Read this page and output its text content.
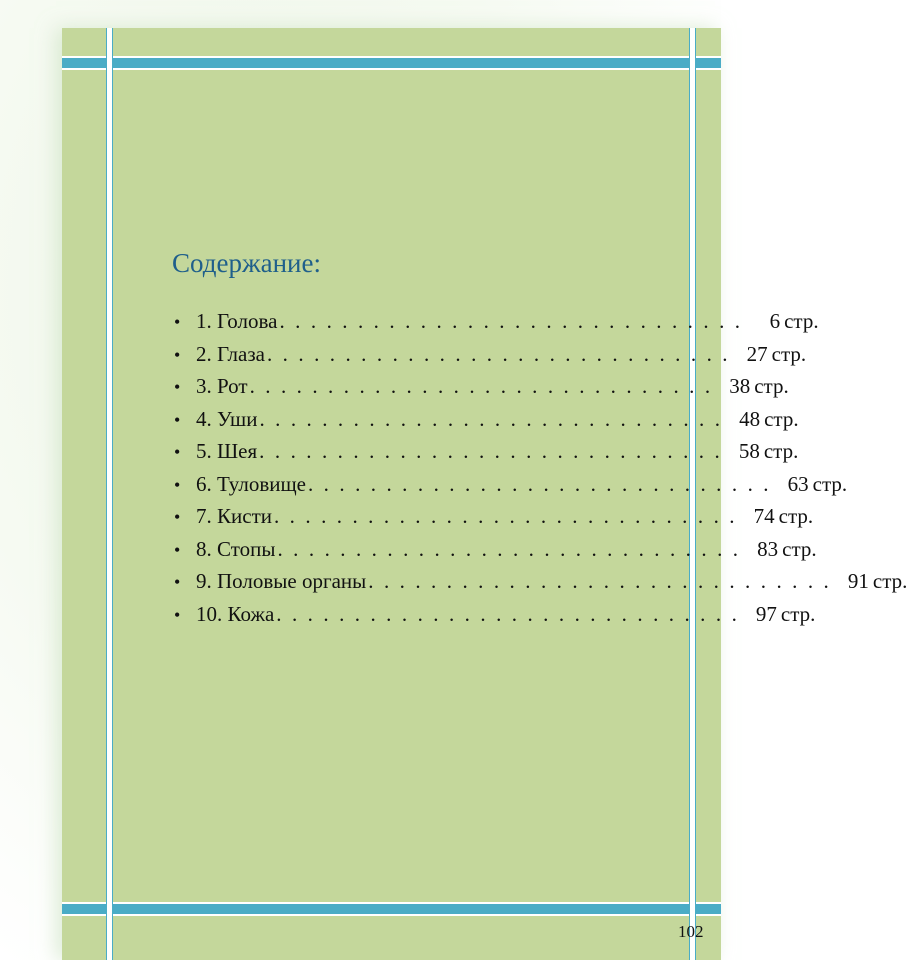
Содержание:
• 1. Голова . . . . . . . . . . . . . . . . . . . . . . . . . . . . . .	6 стр.
• 2. Глаза . . . . . . . . . . . . . . . . . . . . . . . . . . . . . . 27 стр.
• 3. Рот . . . . . . . . . . . . . . . . . . . . . . . . . . . . . . 38 стр.
• 4. Уши . . . . . . . . . . . . . . . . . . . . . . . . . . . . . . 48 стр.
• 5. Шея . . . . . . . . . . . . . . . . . . . . . . . . . . . . . . 58 стр.
• 6. Туловище . . . . . . . . . . . . . . . . . . . . . . . . . . . . . . 63 стр.
• 7. Кисти . . . . . . . . . . . . . . . . . . . . . . . . . . . . . . 74 стр.
• 8. Стопы . . . . . . . . . . . . . . . . . . . . . . . . . . . . . . 83 стр.
• 9. Половые органы . . . . . . . . . . . . . . . . . . . . . . . . . . . . . . 91 стр.
• 10. Кожа . . . . . . . . . . . . . . . . . . . . . . . . . . . . . . 97 стр.
102
